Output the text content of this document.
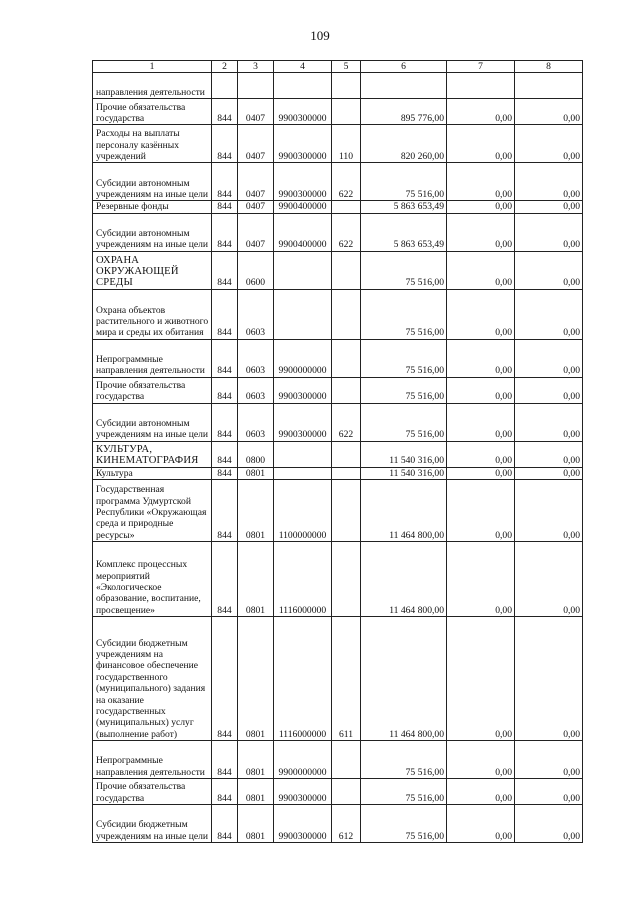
109
1	2	3	4	5	6	7	8
направления деятельности							
Прочие обязательства государства	844	0407	9900300000		895 776,00	0,00	0,00
Расходы на выплаты персоналу казённых учреждений	844	0407	9900300000	110	820 260,00	0,00	0,00
Субсидии автономным учреждениям на иные цели	844	0407	9900300000	622	75 516,00	0,00	0,00
Резервные фонды	844	0407	9900400000		5 863 653,49	0,00	0,00
Субсидии автономным учреждениям на иные цели	844	0407	9900400000	622	5 863 653,49	0,00	0,00
ОХРАНА ОКРУЖАЮЩЕЙ СРЕДЫ	844	0600			75 516,00	0,00	0,00
Охрана объектов растительного и животного мира и среды их обитания	844	0603			75 516,00	0,00	0,00
Непрограммные направления деятельности	844	0603	9900000000		75 516,00	0,00	0,00
Прочие обязательства государства	844	0603	9900300000		75 516,00	0,00	0,00
Субсидии автономным учреждениям на иные цели	844	0603	9900300000	622	75 516,00	0,00	0,00
КУЛЬТУРА, КИНЕМАТОГРАФИЯ	844	0800			11 540 316,00	0,00	0,00
Культура	844	0801			11 540 316,00	0,00	0,00
Государственная программа Удмуртской Республики «Окружающая среда и природные ресурсы»	844	0801	1100000000		11 464 800,00	0,00	0,00
Комплекс процессных мероприятий «Экологическое образование, воспитание, просвещение»	844	0801	1116000000		11 464 800,00	0,00	0,00
Субсидии бюджетным учреждениям на финансовое обеспечение государственного (муниципального) задания на оказание государственных (муниципальных) услуг (выполнение работ)	844	0801	1116000000	611	11 464 800,00	0,00	0,00
Непрограммные направления деятельности	844	0801	9900000000		75 516,00	0,00	0,00
Прочие обязательства государства	844	0801	9900300000		75 516,00	0,00	0,00
Субсидии бюджетным учреждениям на иные цели	844	0801	9900300000	612	75 516,00	0,00	0,00
